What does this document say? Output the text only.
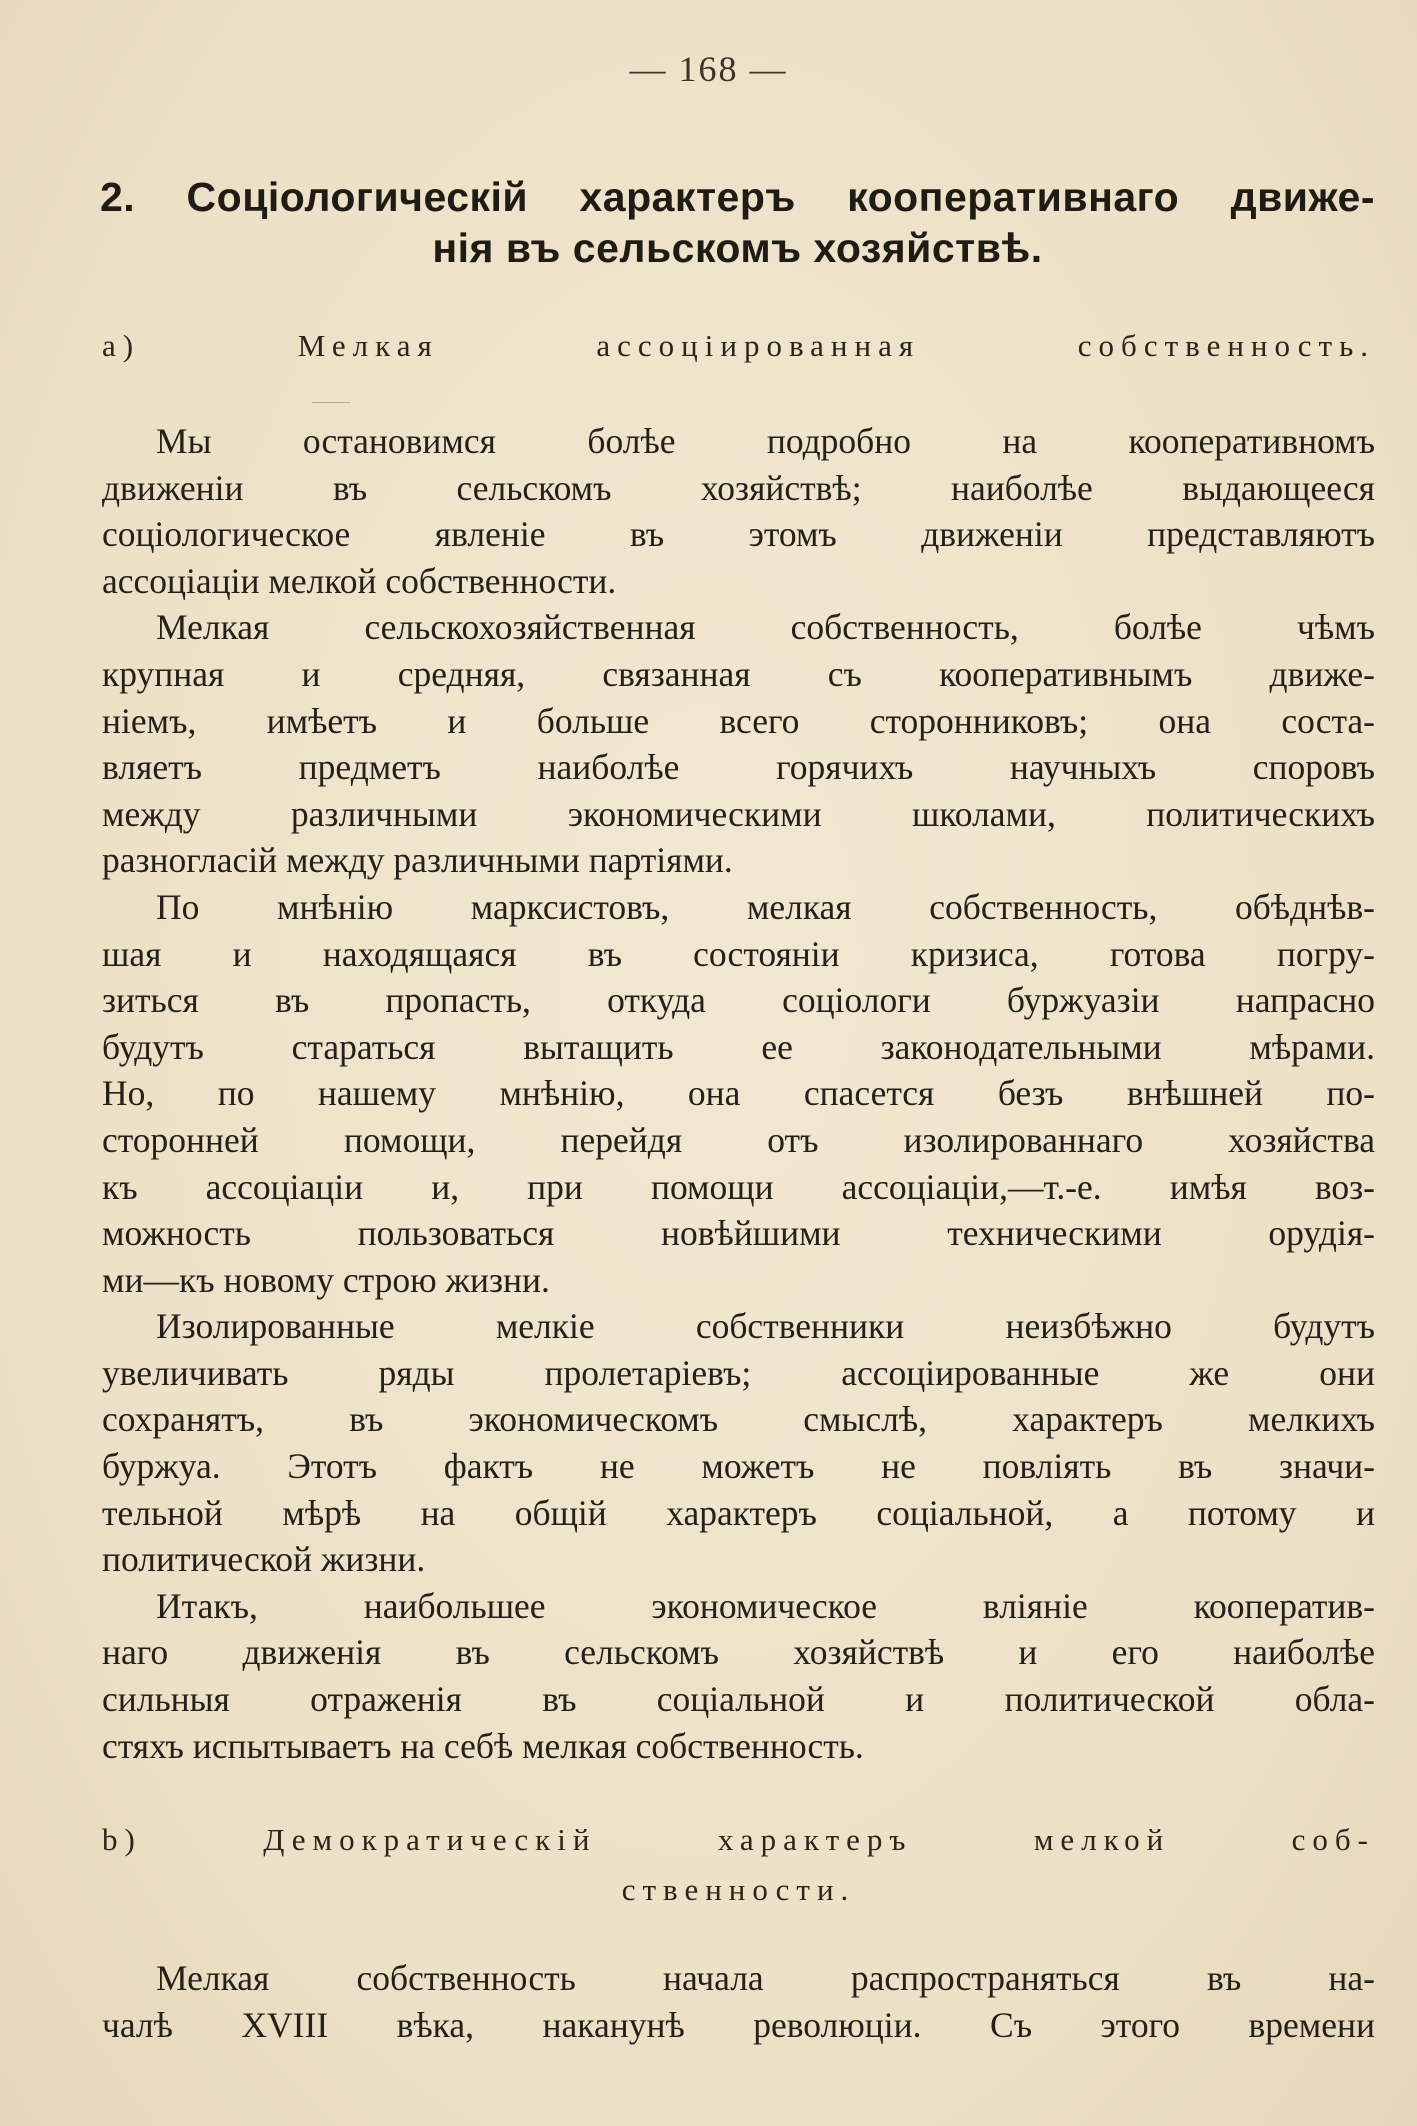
— 168 —
2. Соціологическій характеръ кооперативнаго движе-
нія въ сельскомъ хозяйствѣ.
а) Мелкая ассоціированная собственность.
Мы остановимся болѣе подробно на кооперативномъ
движеніи въ сельскомъ хозяйствѣ; наиболѣе выдающееся
соціологическое явленіе въ этомъ движеніи представляютъ
ассоціаціи мелкой собственности.
Мелкая сельскохозяйственная собственность, болѣе чѣмъ
крупная и средняя, связанная съ кооперативнымъ движе-
ніемъ, имѣетъ и больше всего сторонниковъ; она соста-
вляетъ предметъ наиболѣе горячихъ научныхъ споровъ
между различными экономическими школами, политическихъ
разногласій между различными партіями.
По мнѣнію марксистовъ, мелкая собственность, обѣднѣв-
шая и находящаяся въ состояніи кризиса, готова погру-
зиться въ пропасть, откуда соціологи буржуазіи напрасно
будутъ стараться вытащить ее законодательными мѣрами.
Но, по нашему мнѣнію, она спасется безъ внѣшней по-
сторонней помощи, перейдя отъ изолированнаго хозяйства
къ ассоціаціи и, при помощи ассоціаціи,—т.-е. имѣя воз-
можность пользоваться новѣйшими техническими орудія-
ми—къ новому строю жизни.
Изолированные мелкіе собственники неизбѣжно будутъ
увеличивать ряды пролетаріевъ; ассоціированные же они
сохранятъ, въ экономическомъ смыслѣ, характеръ мелкихъ
буржуа. Этотъ фактъ не можетъ не повліять въ значи-
тельной мѣрѣ на общій характеръ соціальной, а потому и
политической жизни.
Итакъ, наибольшее экономическое вліяніе кооператив-
наго движенія въ сельскомъ хозяйствѣ и его наиболѣе
сильныя отраженія въ соціальной и политической обла-
стяхъ испытываетъ на себѣ мелкая собственность.
b) Демократическій характеръ мелкой соб-
ственности.
Мелкая собственность начала распространяться въ на-
чалѣ XVIII вѣка, наканунѣ революціи. Съ этого времени
